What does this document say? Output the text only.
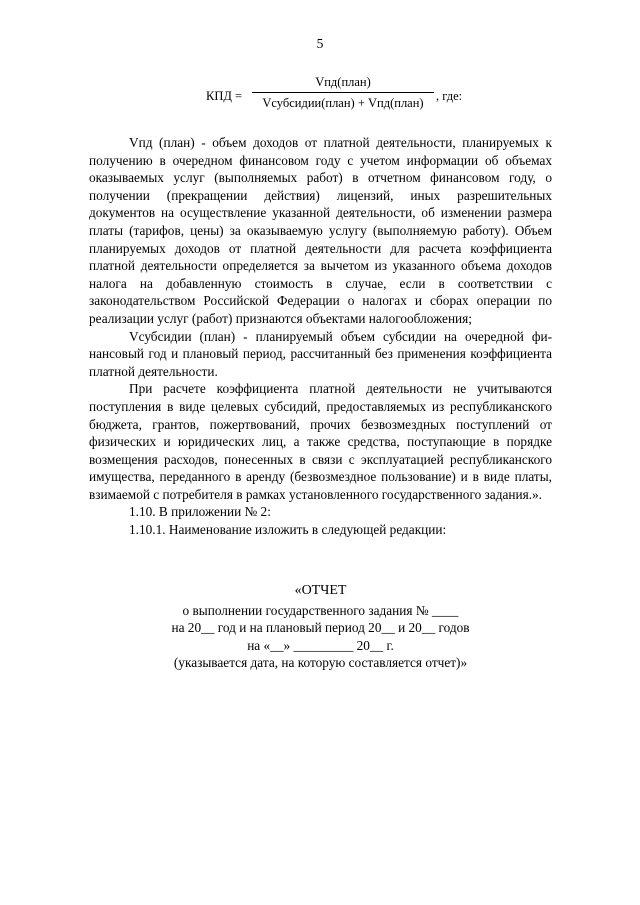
5
КПД =
Vпд(план)
Vсубсидии(план) + Vпд(план) , где:

Vпд (план) - объем доходов от платной деятельности, планируемых к получению в очередном финансовом году с учетом информации об объемах оказываемых услуг (выполняемых работ) в отчетном финансовом году, о получении (прекращении действия) лицензий, иных разрешительных документов на осуществление указанной деятельности, об изменении размера платы (тарифов, цены) за оказываемую услугу (выполняемую работу). Объем планируемых доходов от платной деятельности для расчета коэффициента платной деятельности определяется за вычетом из указанного объема доходов налога на добавленную стоимость в случае, если в соответствии с законодательством Российской Федерации о налогах и сборах операции по реализации услуг (работ) признаются объектами налогообложения;

Vсубсидии (план) - планируемый объем субсидии на очередной финансовый год и плановый период, рассчитанный без применения коэффициента платной деятельности.

При расчете коэффициента платной деятельности не учитываются поступления в виде целевых субсидий, предоставляемых из республиканского бюджета, грантов, пожертвований, прочих безвозмездных поступлений от физических и юридических лиц, а также средства, поступающие в порядке возмещения расходов, понесенных в связи с эксплуатацией республиканского имущества, переданного в аренду (безвозмездное пользование) и в виде платы, взимаемой с потребителя в рамках установленного государственного задания.».

1.10. В приложении № 2:

1.10.1. Наименование изложить в следующей редакции:

«ОТЧЕТ
о выполнении государственного задания № ____
на 20__ год и на плановый период 20__ и 20__ годов
на «__» _________ 20__ г.
(указывается дата, на которую составляется отчет)»
